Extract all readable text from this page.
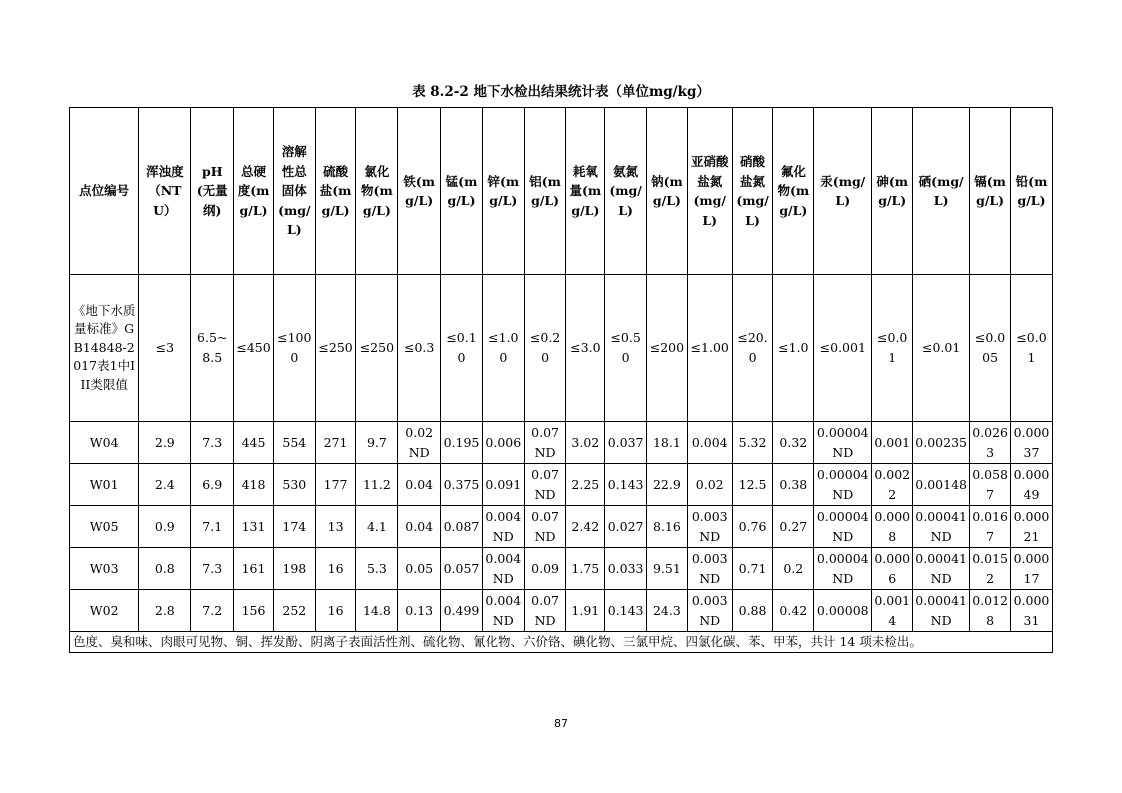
表 8.2-2 地下水检出结果统计表（单位mg/kg）
点位编号	浑浊度（NTU）	pH(无量纲)	总硬度(mg/L)	溶解性总固体(mg/L)	硫酸盐(mg/L)	氯化物(mg/L)	铁(mg/L)	锰(mg/L)	锌(mg/L)	铝(mg/L)	耗氧量(mg/L)	氨氮(mg/L)	钠(mg/L)	亚硝酸盐氮(mg/L)	硝酸盐氮(mg/L)	氟化物(mg/L)	汞(mg/L)	砷(mg/L)	硒(mg/L)	镉(mg/L)	铅(mg/L)
《地下水质量标准》GB14848-2017表1中III类限值	≤3	6.5~8.5	≤450	≤1000	≤250	≤250	≤0.3	≤0.10	≤1.00	≤0.20	≤3.0	≤0.50	≤200	≤1.00	≤20.0	≤1.0	≤0.001	≤0.01	≤0.01	≤0.005	≤0.01
W04	2.9	7.3	445	554	271	9.7	0.02ND	0.195	0.006	0.07ND	3.02	0.037	18.1	0.004	5.32	0.32	0.00004ND	0.001	0.00235	0.0263	0.00037
W01	2.4	6.9	418	530	177	11.2	0.04	0.375	0.091	0.07ND	2.25	0.143	22.9	0.02	12.5	0.38	0.00004ND	0.0022	0.00148	0.0587	0.00049
W05	0.9	7.1	131	174	13	4.1	0.04	0.087	0.004ND	0.07ND	2.42	0.027	8.16	0.003ND	0.76	0.27	0.00004ND	0.0008	0.00041ND	0.0167	0.00021
W03	0.8	7.3	161	198	16	5.3	0.05	0.057	0.004ND	0.09	1.75	0.033	9.51	0.003ND	0.71	0.2	0.00004ND	0.0006	0.00041ND	0.0152	0.00017
W02	2.8	7.2	156	252	16	14.8	0.13	0.499	0.004ND	0.07ND	1.91	0.143	24.3	0.003ND	0.88	0.42	0.00008	0.0014	0.00041ND	0.0128	0.00031
色度、臭和味、肉眼可见物、铜、挥发酚、阴离子表面活性剂、硫化物、氰化物、六价铬、碘化物、三氯甲烷、四氯化碳、苯、甲苯，共计 14 项未检出。																					
87
